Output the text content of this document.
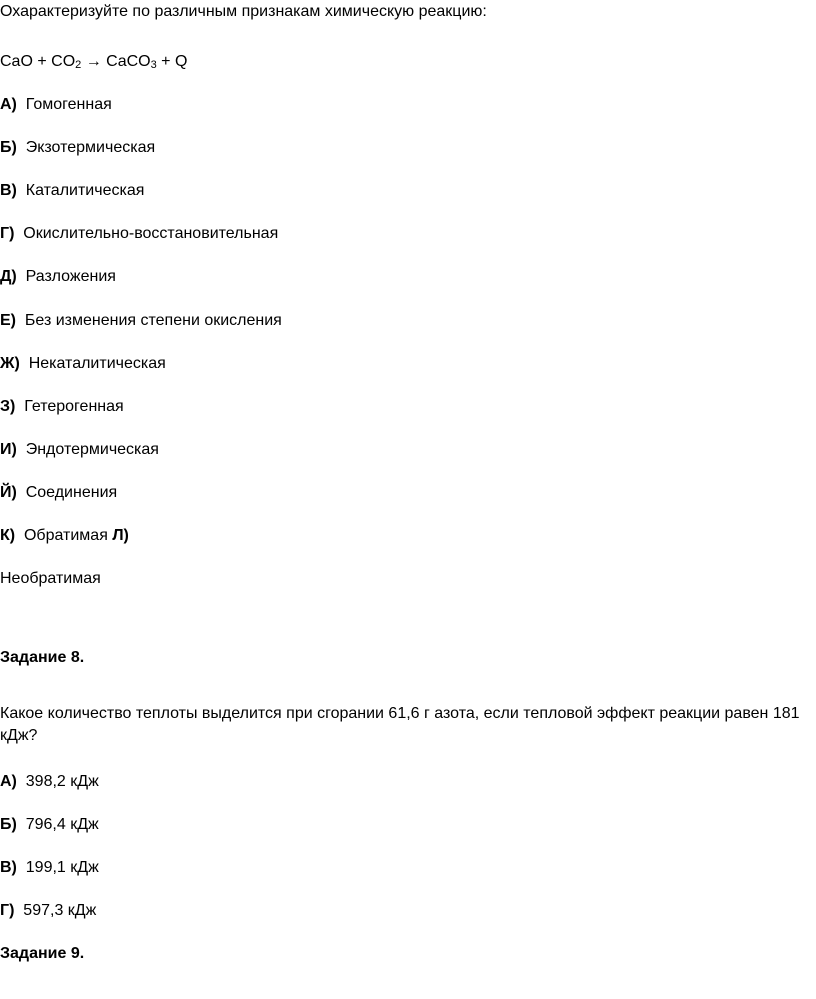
Охарактеризуйте по различным признакам химическую реакцию:
CaO + $CO_2$ → CaCO$_3$ + Q
А) Гомогенная
Б) Экзотермическая
В) Каталитическая
Г) Окислительно-восстановительная
Д) Разложения
Е) Без изменения степени окисления
Ж) Некаталитическая
З) Гетерогенная
И) Эндотермическая
Й) Соединения
К) Обратимая Л)
Необратимая
Задание 8.
Какое количество теплоты выделится при сгорании 61,6 г азота, если тепловой эффект реакции равен 181 кДж?
А) 398,2 кДж
Б) 796,4 кДж
В) 199,1 кДж
Г) 597,3 кДж
Задание 9.
